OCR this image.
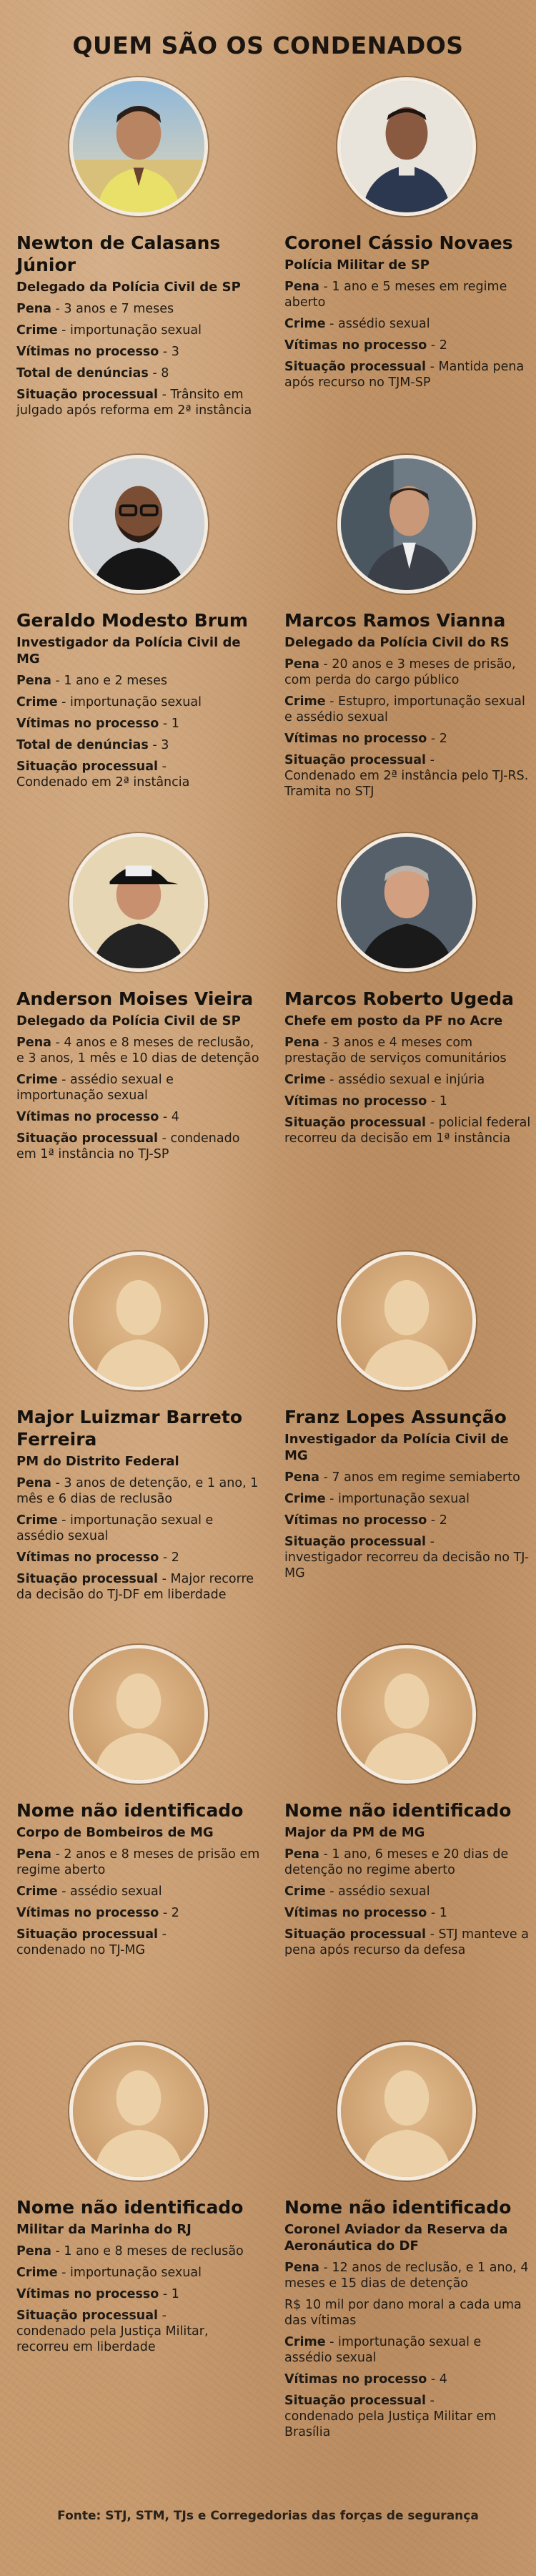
QUEM SÃO OS CONDENADOS
Newton de Calasans Júnior
Delegado da Polícia Civil de SP
Pena - 3 anos e 7 meses
Crime - importunação sexual
Vítimas no processo - 3
Total de denúncias - 8
Situação processual - Trânsito em julgado após reforma em 2ª instância
Coronel Cássio Novaes
Polícia Militar de SP
Pena - 1 ano e 5 meses em regime aberto
Crime - assédio sexual
Vítimas no processo - 2
Situação processual - Mantida pena após recurso no TJM-SP
Geraldo Modesto Brum
Investigador da Polícia Civil de MG
Pena - 1 ano e 2 meses
Crime - importunação sexual
Vítimas no processo - 1
Total de denúncias - 3
Situação processual -
Condenado em 2ª instância
Marcos Ramos Vianna
Delegado da Polícia Civil do RS
Pena - 20 anos e 3 meses de prisão, com perda do cargo público
Crime - Estupro, importunação sexual e assédio sexual
Vítimas no processo - 2
Situação processual -
Condenado em 2ª instância pelo TJ-RS. Tramita no STJ
Anderson Moises Vieira
Delegado da Polícia Civil de SP
Pena - 4 anos e 8 meses de reclusão, e 3 anos, 1 mês e 10 dias de detenção
Crime - assédio sexual e importunação sexual
Vítimas no processo - 4
Situação processual - condenado em 1ª instância no TJ-SP
Marcos Roberto Ugeda
Chefe em posto da PF no Acre
Pena - 3 anos e 4 meses com prestação de serviços comunitários
Crime - assédio sexual e injúria
Vítimas no processo - 1
Situação processual - policial federal recorreu da decisão em 1ª instância
Major Luizmar Barreto Ferreira
PM do Distrito Federal
Pena - 3 anos de detenção, e 1 ano, 1 mês e 6 dias de reclusão
Crime - importunação sexual e assédio sexual
Vítimas no processo - 2
Situação processual - Major recorre da decisão do TJ-DF em liberdade
Franz Lopes Assunção
Investigador da Polícia Civil de MG
Pena - 7 anos em regime semiaberto
Crime - importunação sexual
Vítimas no processo - 2
Situação processual -
investigador recorreu da decisão no TJ-MG
Nome não identificado
Corpo de Bombeiros de MG
Pena - 2 anos e 8 meses de prisão em regime aberto
Crime - assédio sexual
Vítimas no processo - 2
Situação processual -
condenado no TJ-MG
Nome não identificado
Major da PM de MG
Pena - 1 ano, 6 meses e 20 dias de detenção no regime aberto
Crime - assédio sexual
Vítimas no processo - 1
Situação processual - STJ manteve a pena após recurso da defesa
Nome não identificado
Militar da Marinha do RJ
Pena - 1 ano e 8 meses de reclusão
Crime - importunação sexual
Vítimas no processo - 1
Situação processual -
condenado pela Justiça Militar, recorreu em liberdade
Nome não identificado
Coronel Aviador da Reserva da Aeronáutica do DF
Pena - 12 anos de reclusão, e 1 ano, 4 meses e 15 dias de detenção
R$ 10 mil por dano moral a cada uma das vítimas
Crime - importunação sexual e assédio sexual
Vítimas no processo - 4
Situação processual -
condenado pela Justiça Militar em Brasília
Fonte: STJ, STM, TJs e Corregedorias das forças de segurança
